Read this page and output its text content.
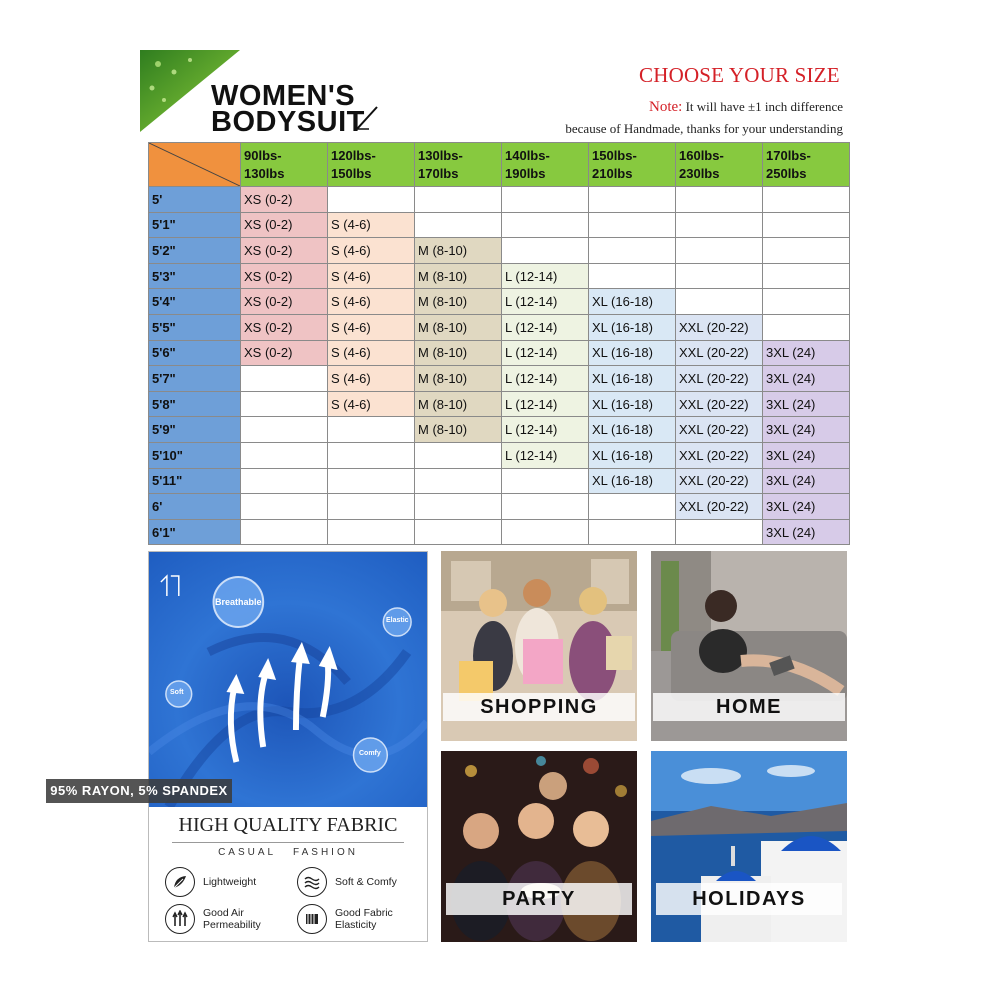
WOMEN'S
BODYSUIT
CHOOSE YOUR SIZE
Note: It will have ±1 inch difference
because of Handmade, thanks for your understanding
	90lbs-
130lbs	120lbs-
150lbs	130lbs-
170lbs	140lbs-
190lbs	150lbs-
210lbs	160lbs-
230lbs	170lbs-
250lbs
5'	XS (0-2)						
5'1"	XS (0-2)	S (4-6)					
5'2"	XS (0-2)	S (4-6)	M (8-10)				
5'3"	XS (0-2)	S (4-6)	M (8-10)	L (12-14)			
5'4"	XS (0-2)	S (4-6)	M (8-10)	L (12-14)	XL (16-18)		
5'5"	XS (0-2)	S (4-6)	M (8-10)	L (12-14)	XL (16-18)	XXL (20-22)	
5'6"	XS (0-2)	S (4-6)	M (8-10)	L (12-14)	XL (16-18)	XXL (20-22)	3XL (24)
5'7"		S (4-6)	M (8-10)	L (12-14)	XL (16-18)	XXL (20-22)	3XL (24)
5'8"		S (4-6)	M (8-10)	L (12-14)	XL (16-18)	XXL (20-22)	3XL (24)
5'9"			M (8-10)	L (12-14)	XL (16-18)	XXL (20-22)	3XL (24)
5'10"				L (12-14)	XL (16-18)	XXL (20-22)	3XL (24)
5'11"					XL (16-18)	XXL (20-22)	3XL (24)
6'						XXL (20-22)	3XL (24)
6'1"							3XL (24)
Breathable
Elastic
Soft
Comfy
Lightweight	Soft & Comfy
Good Air
Permeability
Good Fabric
Elasticity
95% RAYON, 5% SPANDEX
HIGH QUALITY FABRIC
CASUAL   FASHION
SHOPPING	HOME
PARTY	HOLIDAYS
